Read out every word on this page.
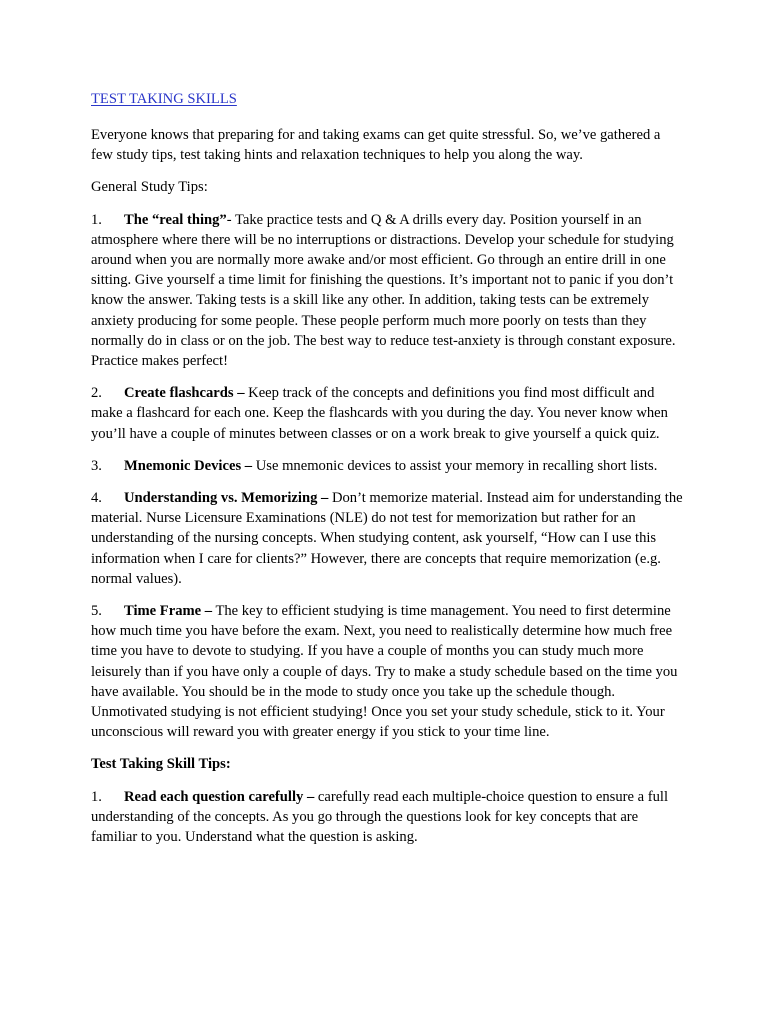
TEST TAKING SKILLS

Everyone knows that preparing for and taking exams can get quite stressful. So, we’ve gathered a few study tips, test taking hints and relaxation techniques to help you along the way.

General Study Tips:

1. The “real thing”- Take practice tests and Q & A drills every day. Position yourself in an atmosphere where there will be no interruptions or distractions. Develop your schedule for studying around when you are normally more awake and/or most efficient. Go through an entire drill in one sitting. Give yourself a time limit for finishing the questions. It’s important not to panic if you don’t know the answer. Taking tests is a skill like any other. In addition, taking tests can be extremely anxiety producing for some people. These people perform much more poorly on tests than they normally do in class or on the job. The best way to reduce test-anxiety is through constant exposure. Practice makes perfect!

2. Create flashcards – Keep track of the concepts and definitions you find most difficult and make a flashcard for each one. Keep the flashcards with you during the day. You never know when you’ll have a couple of minutes between classes or on a work break to give yourself a quick quiz.

3. Mnemonic Devices – Use mnemonic devices to assist your memory in recalling short lists.

4. Understanding vs. Memorizing – Don’t memorize material. Instead aim for understanding the material. Nurse Licensure Examinations (NLE) do not test for memorization but rather for an understanding of the nursing concepts. When studying content, ask yourself, “How can I use this information when I care for clients?” However, there are concepts that require memorization (e.g. normal values).

5. Time Frame – The key to efficient studying is time management. You need to first determine how much time you have before the exam. Next, you need to realistically determine how much free time you have to devote to studying. If you have a couple of months you can study much more leisurely than if you have only a couple of days. Try to make a study schedule based on the time you have available. You should be in the mode to study once you take up the schedule though. Unmotivated studying is not efficient studying! Once you set your study schedule, stick to it. Your unconscious will reward you with greater energy if you stick to your time line.

Test Taking Skill Tips:

1. Read each question carefully – carefully read each multiple-choice question to ensure a full understanding of the concepts. As you go through the questions look for key concepts that are familiar to you. Understand what the question is asking.
